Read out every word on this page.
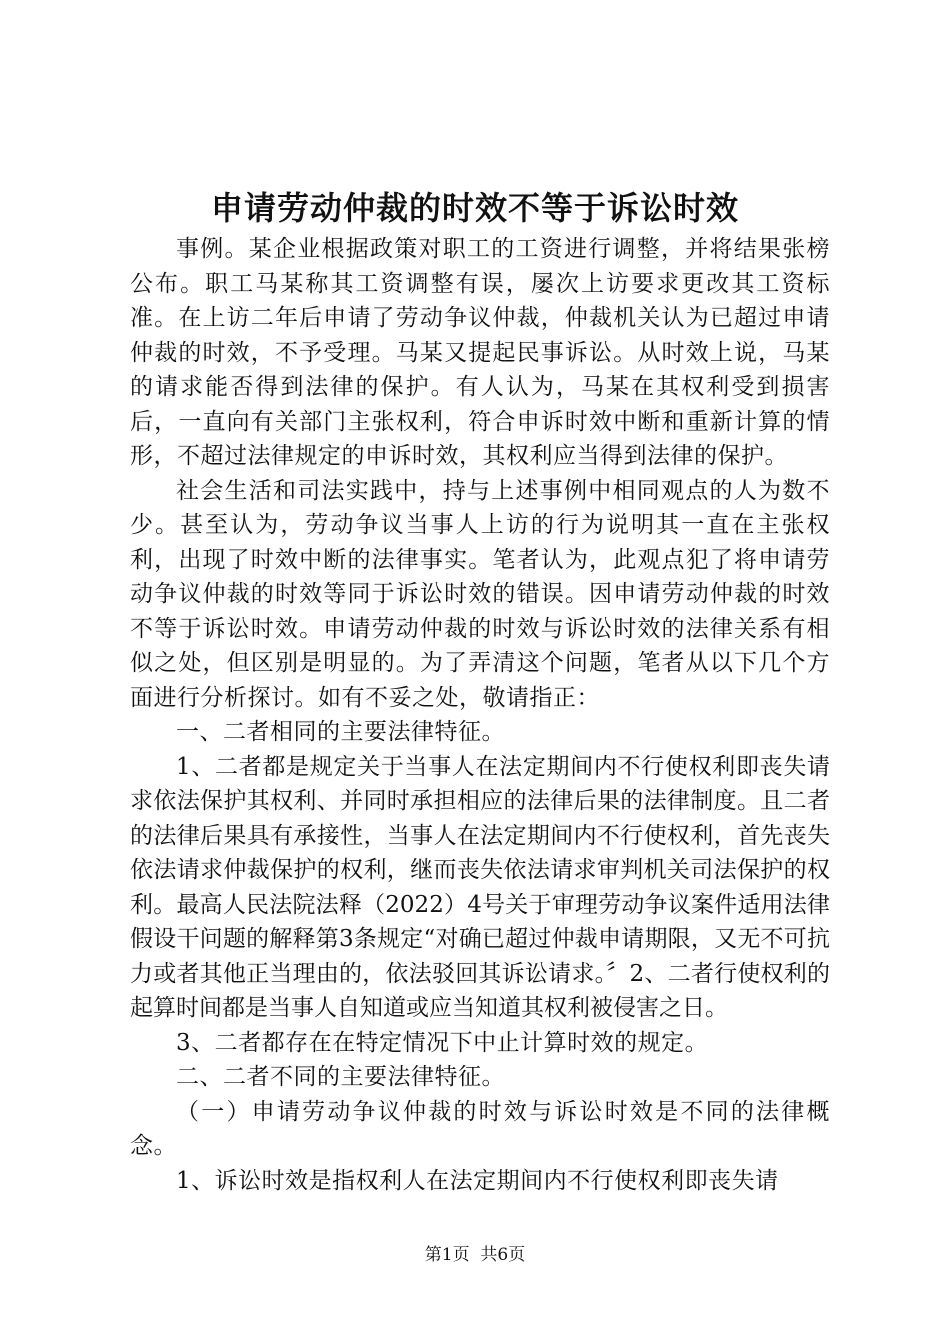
申请劳动仲裁的时效不等于诉讼时效

事例。某企业根据政策对职工的工资进行调整，并将结果张榜公布。职工马某称其工资调整有误，屡次上访要求更改其工资标准。在上访二年后申请了劳动争议仲裁，仲裁机关认为已超过申请仲裁的时效，不予受理。马某又提起民事诉讼。从时效上说，马某的请求能否得到法律的保护。有人认为，马某在其权利受到损害后，一直向有关部门主张权利，符合申诉时效中断和重新计算的情形，不超过法律规定的申诉时效，其权利应当得到法律的保护。

社会生活和司法实践中，持与上述事例中相同观点的人为数不少。甚至认为，劳动争议当事人上访的行为说明其一直在主张权利，出现了时效中断的法律事实。笔者认为，此观点犯了将申请劳动争议仲裁的时效等同于诉讼时效的错误。因申请劳动仲裁的时效不等于诉讼时效。申请劳动仲裁的时效与诉讼时效的法律关系有相似之处，但区别是明显的。为了弄清这个问题，笔者从以下几个方面进行分析探讨。如有不妥之处，敬请指正：

一、二者相同的主要法律特征。

1、二者都是规定关于当事人在法定期间内不行使权利即丧失请求依法保护其权利、并同时承担相应的法律后果的法律制度。且二者的法律后果具有承接性，当事人在法定期间内不行使权利，首先丧失依法请求仲裁保护的权利，继而丧失依法请求审判机关司法保护的权利。最高人民法院法释（2022）4号关于审理劳动争议案件适用法律假设干问题的解释第3条规定“对确已超过仲裁申请期限，又无不可抗力或者其他正当理由的，依法驳回其诉讼请求。〞2、二者行使权利的起算时间都是当事人自知道或应当知道其权利被侵害之日。

3、二者都存在在特定情况下中止计算时效的规定。

二、二者不同的主要法律特征。

（一）申请劳动争议仲裁的时效与诉讼时效是不同的法律概念。

1、诉讼时效是指权利人在法定期间内不行使权利即丧失请

第1页 共6页
